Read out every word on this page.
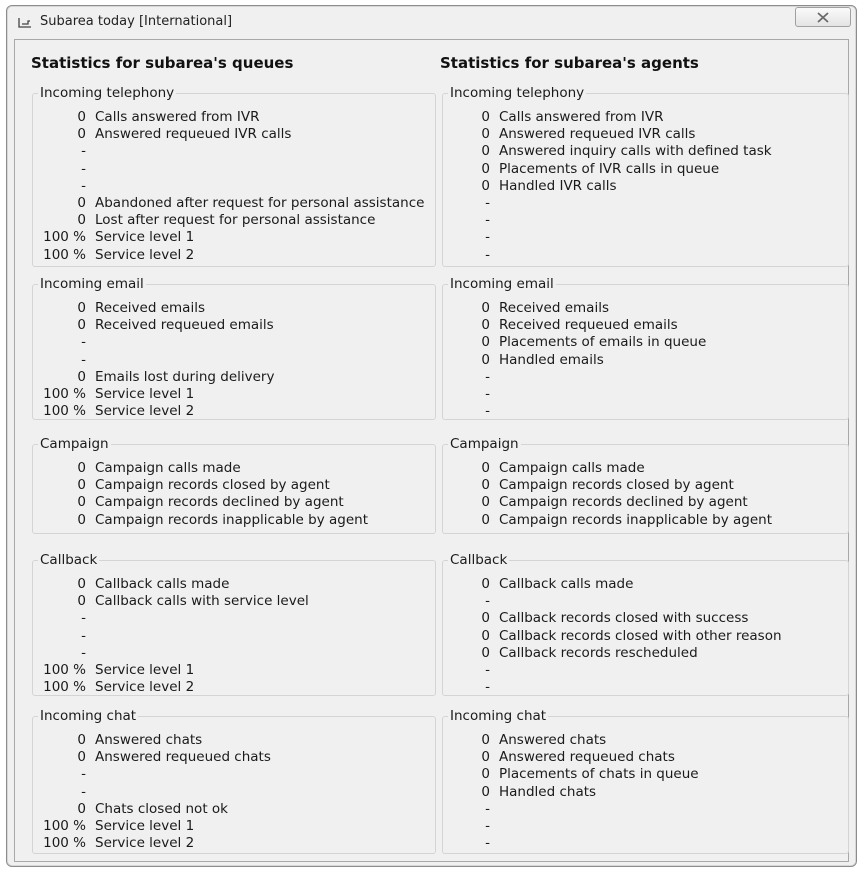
Subarea today [International]
Statistics for subarea's queues	Statistics for subarea's agents
Incoming telephony
0 Calls answered from IVR
0 Answered requeued IVR calls
-
-
-
0 Abandoned after request for personal assistance
0 Lost after request for personal assistance
100 % Service level 1
100 % Service level 2
Incoming email
0 Received emails
0 Received requeued emails
-
-
0 Emails lost during delivery
100 % Service level 1
100 % Service level 2
Campaign
0 Campaign calls made
0 Campaign records closed by agent
0 Campaign records declined by agent
0 Campaign records inapplicable by agent
Callback
0 Callback calls made
0 Callback calls with service level
-
-
-
100 % Service level 1
100 % Service level 2
Incoming chat
0 Answered chats
0 Answered requeued chats
-
-
0 Chats closed not ok
100 % Service level 1
100 % Service level 2
Incoming telephony
0 Calls answered from IVR
0 Answered requeued IVR calls
0 Answered inquiry calls with defined task
0 Placements of IVR calls in queue
0 Handled IVR calls
-
-
-
-
Incoming email
0 Received emails
0 Received requeued emails
0 Placements of emails in queue
0 Handled emails
-
-
-
Campaign
0 Campaign calls made
0 Campaign records closed by agent
0 Campaign records declined by agent
0 Campaign records inapplicable by agent
Callback
0 Callback calls made
-
0 Callback records closed with success
0 Callback records closed with other reason
0 Callback records rescheduled
-
-
Incoming chat
0 Answered chats
0 Answered requeued chats
0 Placements of chats in queue
0 Handled chats
-
-
-
